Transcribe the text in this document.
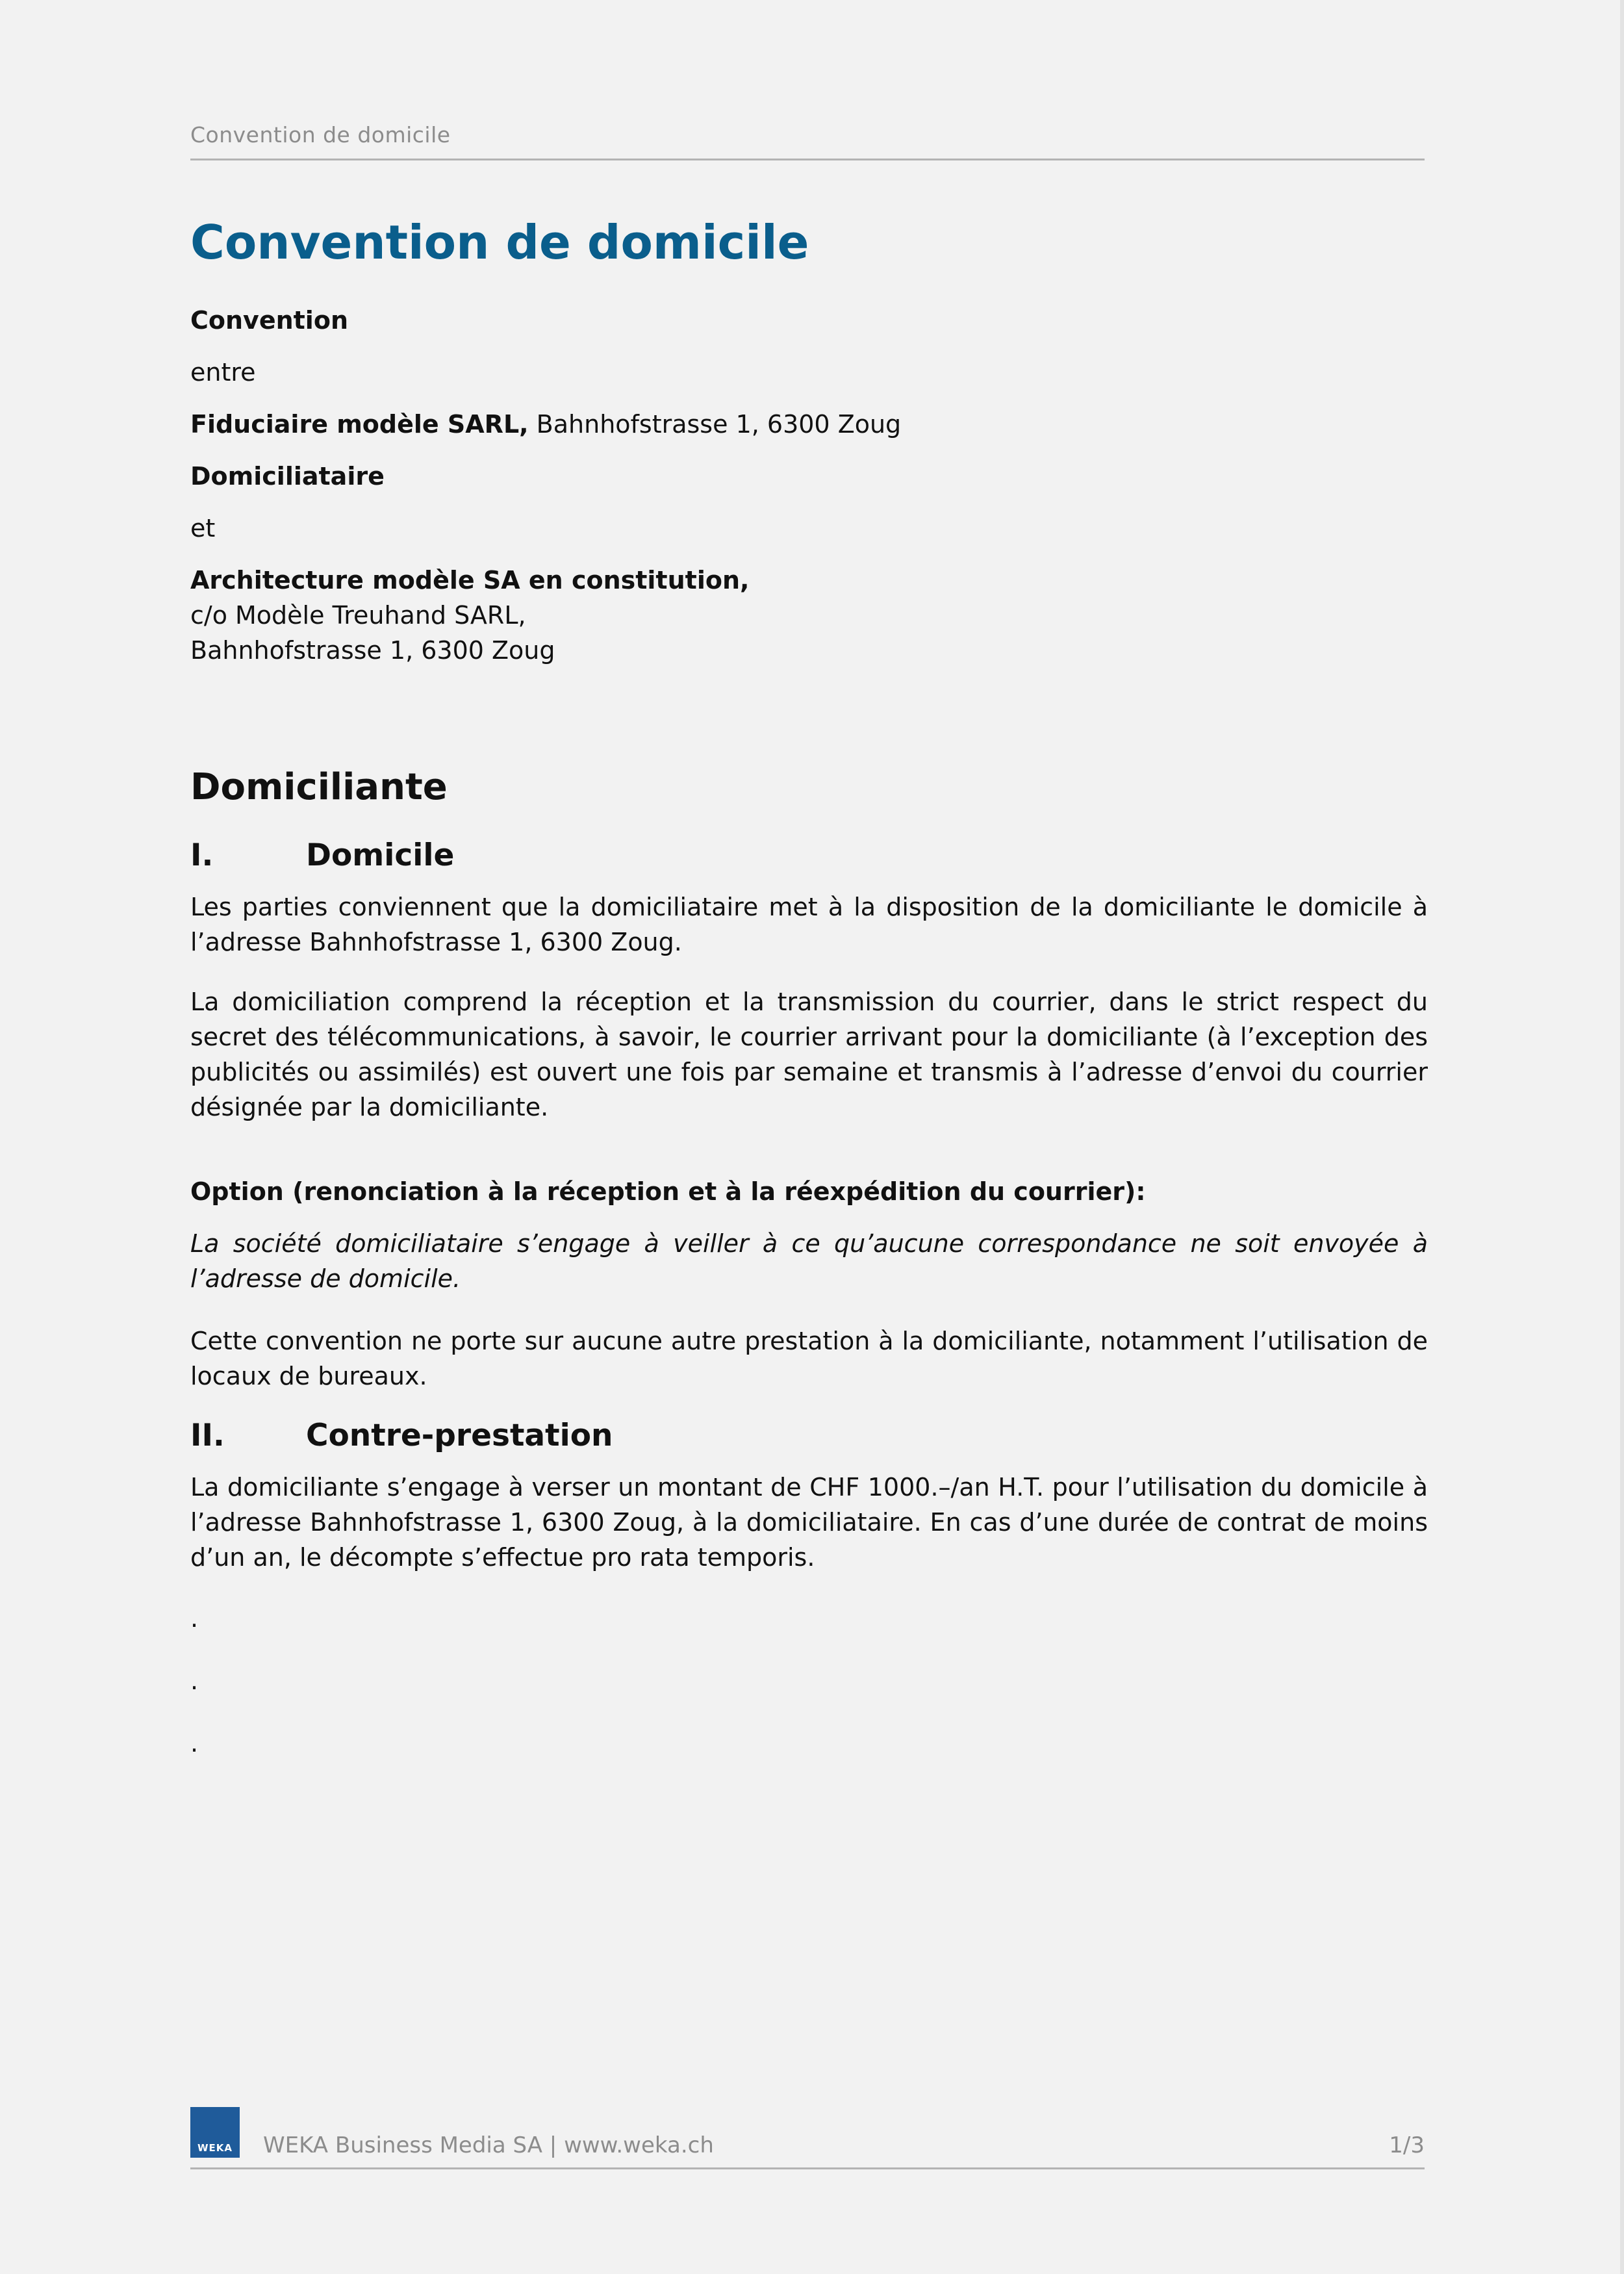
Convention de domicile
Convention de domicile

Convention

entre

Fiduciaire modèle SARL, Bahnhofstrasse 1, 6300 Zoug

Domiciliataire

et

Architecture modèle SA en constitution,

c/o Modèle Treuhand SARL,

Bahnhofstrasse 1, 6300 Zoug

Domiciliante
I.	Domicile

Les parties conviennent que la domiciliataire met à la disposition de la domiciliante le domicile à l’adresse Bahnhofstrasse 1, 6300 Zoug.

La domiciliation comprend la réception et la transmission du courrier, dans le strict respect du secret des télécommunications, à savoir, le courrier arrivant pour la domiciliante (à l’exception des publicités ou assimilés) est ouvert une fois par semaine et transmis à l’adresse d’envoi du courrier désignée par la domiciliante.

Option (renonciation à la réception et à la réexpédition du courrier):

La société domiciliataire s’engage à veiller à ce qu’aucune correspondance ne soit envoyée à l’adresse de domicile.

Cette convention ne porte sur aucune autre prestation à la domiciliante, notamment l’utilisation de locaux de bureaux.

II.	Contre-prestation

La domiciliante s’engage à verser un montant de CHF 1000.–/an H.T. pour l’utilisation du domicile à l’adresse Bahnhofstrasse 1, 6300 Zoug, à la domiciliataire. En cas d’une durée de contrat de moins d’un an, le décompte s’effectue pro rata temporis.

.

.

.

WEKA WEKA Business Media SA | www.weka.ch	1/3
